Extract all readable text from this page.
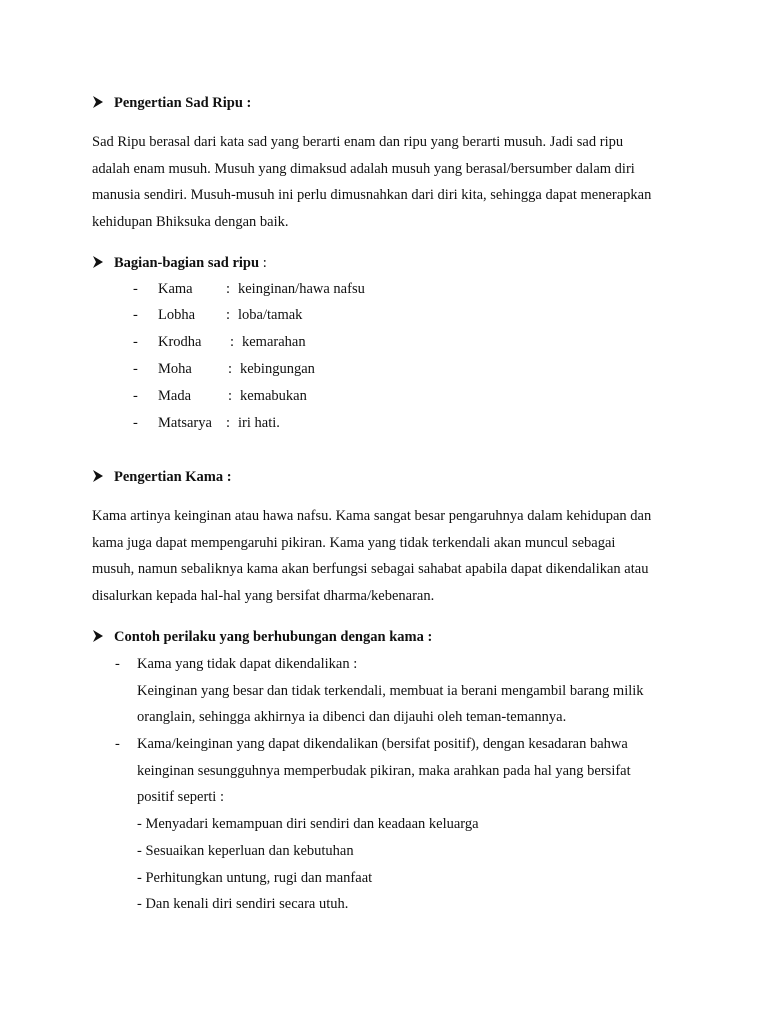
Pengertian Sad Ripu :
Sad Ripu berasal dari kata sad yang berarti enam dan ripu yang berarti musuh. Jadi sad ripu
adalah enam musuh. Musuh yang dimaksud adalah musuh yang berasal/bersumber dalam diri
manusia sendiri. Musuh-musuh ini perlu dimusnahkan dari diri kita, sehingga dapat menerapkan
kehidupan Bhiksuka dengan baik.
Bagian-bagian sad ripu :
- Kama : keinginan/hawa nafsu
- Lobha : loba/tamak
- Krodha : kemarahan
- Moha : kebingungan
- Mada	: kemabukan
- Matsarya : iri hati.
Pengertian Kama :
Kama artinya keinginan atau hawa nafsu. Kama sangat besar pengaruhnya dalam kehidupan dan
kama juga dapat mempengaruhi pikiran. Kama yang tidak terkendali akan muncul sebagai
musuh, namun sebaliknya kama akan berfungsi sebagai sahabat apabila dapat dikendalikan atau
disalurkan kepada hal-hal yang bersifat dharma/kebenaran.
Contoh perilaku yang berhubungan dengan kama :
- Kama yang tidak dapat dikendalikan :
Keinginan yang besar dan tidak terkendali, membuat ia berani mengambil barang milik
oranglain, sehingga akhirnya ia dibenci dan dijauhi oleh teman-temannya.
- Kama/keinginan yang dapat dikendalikan (bersifat positif), dengan kesadaran bahwa
keinginan sesungguhnya memperbudak pikiran, maka arahkan pada hal yang bersifat
positif seperti :
- Menyadari kemampuan diri sendiri dan keadaan keluarga
- Sesuaikan keperluan dan kebutuhan
- Perhitungkan untung, rugi dan manfaat
- Dan kenali diri sendiri secara utuh.
